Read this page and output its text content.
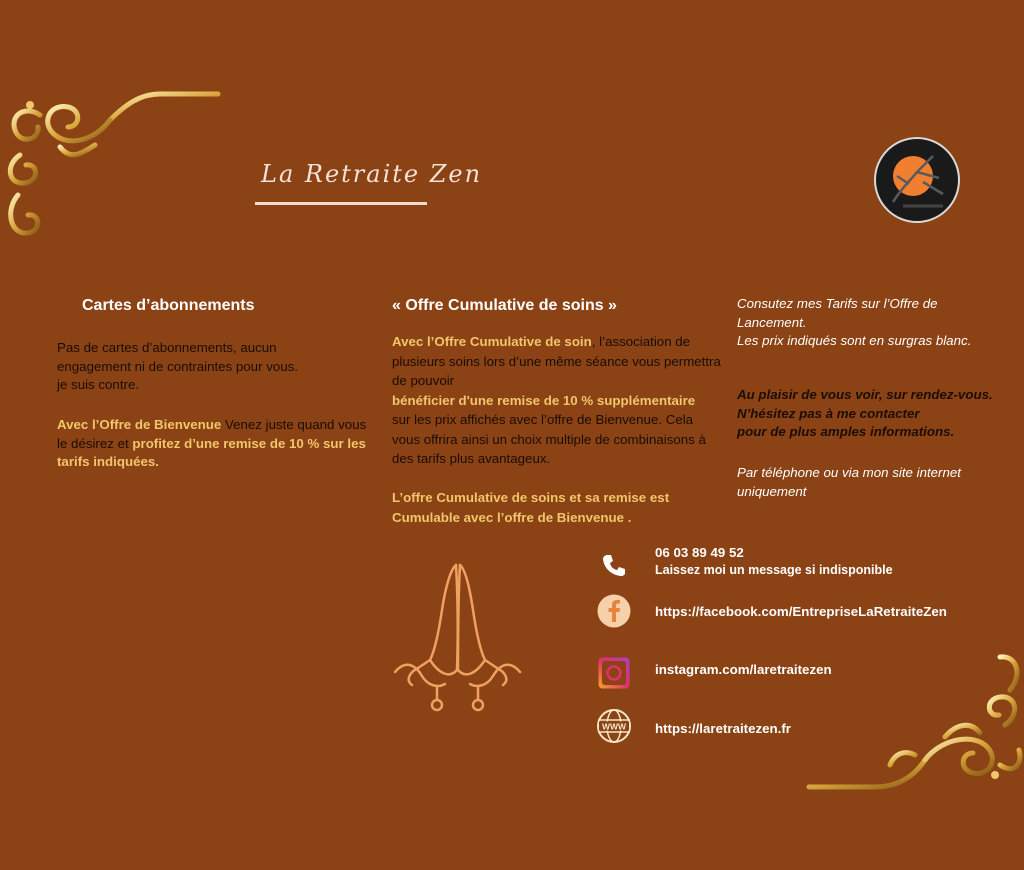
La Retraite Zen
Cartes d’abonnements
Pas de cartes d’abonnements, aucun
engagement ni de contraintes pour vous.
je suis contre.
Avec l’Offre de Bienvenue Venez juste quand vous le désirez et profitez d’une remise de 10 % sur les tarifs indiquées.
« Offre Cumulative de soins »
Avec l’Offre Cumulative de soin, l’association de plusieurs soins lors d’une même séance vous permettra de pouvoir
bénéficier d'une remise de 10 % supplémentaire
sur les prix affichés avec l’offre de Bienvenue. Cela vous offrira ainsi un choix multiple de combinaisons à des tarifs plus avantageux.
L’offre Cumulative de soins et sa remise est Cumulable avec l’offre de Bienvenue .
Consutez mes Tarifs sur l’Offre de Lancement.
Les prix indiqués sont en surgras blanc.
Au plaisir de vous voir, sur rendez-vous.
N’hésitez pas à me contacter
pour de plus amples informations.
Par téléphone ou via mon site internet uniquement
06 03 89 49 52
Laissez moi un message si indisponible
https://facebook.com/EntrepriseLaRetraiteZen
instagram.com/laretraitezen
WWW https://laretraitezen.fr
